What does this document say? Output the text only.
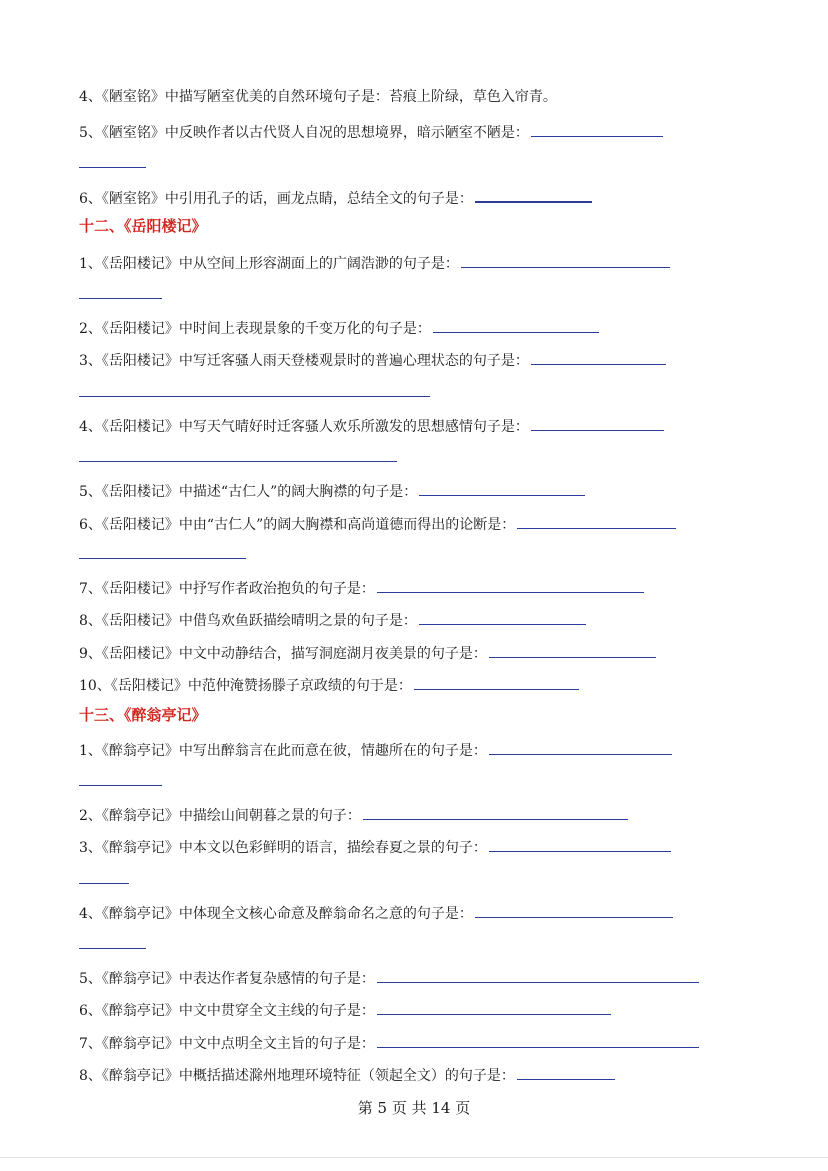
4、《陋室铭》中描写陋室优美的自然环境句子是：苔痕上阶绿，草色入帘青。
5、《陋室铭》中反映作者以古代贤人自况的思想境界，暗示陋室不陋是：
6、《陋室铭》中引用孔子的话，画龙点睛，总结全文的句子是：
十二、《岳阳楼记》
1、《岳阳楼记》中从空间上形容湖面上的广阔浩渺的句子是：
2、《岳阳楼记》中时间上表现景象的千变万化的句子是：
3、《岳阳楼记》中写迁客骚人雨天登楼观景时的普遍心理状态的句子是：
4、《岳阳楼记》中写天气晴好时迁客骚人欢乐所激发的思想感情句子是：
5、《岳阳楼记》中描述“古仁人”的阔大胸襟的句子是：
6、《岳阳楼记》中由“古仁人”的阔大胸襟和高尚道德而得出的论断是：
7、《岳阳楼记》中抒写作者政治抱负的句子是：
8、《岳阳楼记》中借鸟欢鱼跃描绘晴明之景的句子是：
9、《岳阳楼记》中文中动静结合，描写洞庭湖月夜美景的句子是：
10、《岳阳楼记》中范仲淹赞扬滕子京政绩的句于是：
十三、《醉翁亭记》
1、《醉翁亭记》中写出醉翁言在此而意在彼，情趣所在的句子是：
2、《醉翁亭记》中描绘山间朝暮之景的句子：
3、《醉翁亭记》中本文以色彩鲜明的语言，描绘春夏之景的句子：
4、《醉翁亭记》中体现全文核心命意及醉翁命名之意的句子是：
5、《醉翁亭记》中表达作者复杂感情的句子是：
6、《醉翁亭记》中文中贯穿全文主线的句子是：
7、《醉翁亭记》中文中点明全文主旨的句子是：
8、《醉翁亭记》中概括描述滁州地理环境特征（领起全文）的句子是：
第 5 页 共 14 页
